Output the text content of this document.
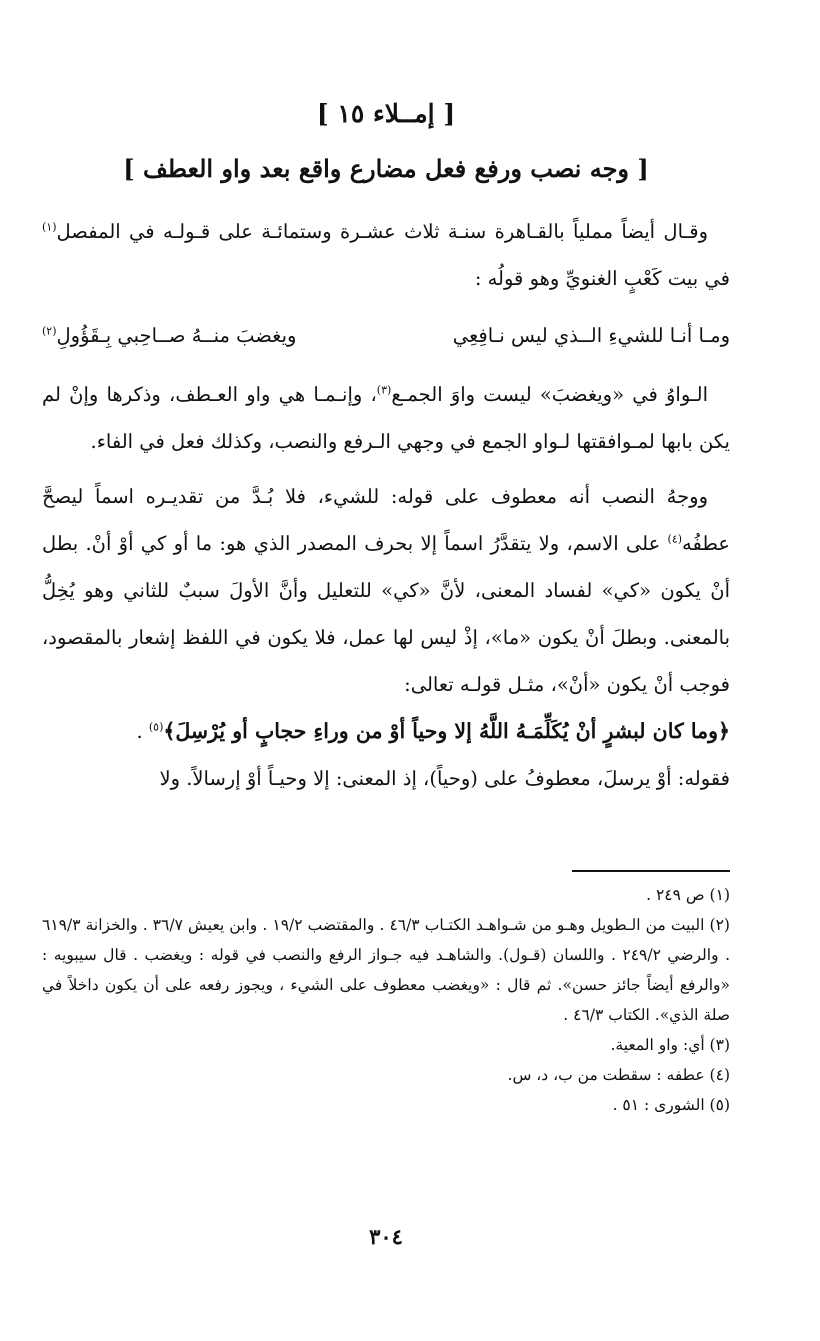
[ إمــلاء ١٥ ]
[ وجه نصب ورفع فعل مضارع واقع بعد واو العطف ]

وقـال أيضاً مملياً بالقـاهرة سنـة ثلاث عشـرة وستمائـة على قـولـه في المفصل$^{(١)}$ في بيت كَعْبٍ الغنويِّ وهو قولُه :

ومـا أنـا للشيءِ الــذي ليس نـافِعِي
ويغضبَ منــهُ صــاحِبي بِـقَؤُولِ$^{(٢)}$

الـواوُ في «ويغضبَ» ليست واوَ الجمـع$^{(٣)}$، وإنـمـا هي واو العـطف، وذكرها وإنْ لم يكن بابها لمـوافقتها لـواو الجمع في وجهي الـرفع والنصب، وكذلك فعل في الفاء.

ووجهُ النصب أنه معطوف على قوله: للشيء، فلا بُـدَّ من تقديـره اسماً ليصحَّ عطفُه$^{(٤)}$ على الاسم، ولا يتقدَّرُ اسماً إلا بحرف المصدر الذي هو: ما أو كي أوْ أنْ. بطل أنْ يكون «كي» لفساد المعنى، لأنَّ «كي» للتعليل وأنَّ الأولَ سببٌ للثاني وهو يُخِلُّ بالمعنى. وبطلَ أنْ يكون «ما»، إذْ ليس لها عمل، فلا يكون في اللفظ إشعار بالمقصود، فوجب أنْ يكون «أنْ»، مثـل قولـه تعالى:

﴿وما كان لبشرٍ أنْ يُكَلِّمَـهُ اللَّهُ إلا وحياً أوْ من وراءِ حجابٍ أو يُرْسِلَ﴾$^{(٥)}$ .

فقوله: أوْ يرسلَ، معطوفُ على (وحياً)، إذ المعنى: إلا وحيـاً أوْ إرسالاً. ولا

(١) ص ٢٤٩ .

(٢) البيت من الـطويل وهـو من شـواهـد الكتـاب ٤٦/٣ . والمقتضب ١٩/٢ . وابن يعيش ٣٦/٧ . والخزانة ٦١٩/٣ . والرضي ٢٤٩/٢ . واللسان (قـول). والشاهـد فيه جـواز الرفع والنصب في قوله : ويغضب . قال سيبويه : «والرفع أيضاً جائز حسن». ثم قال : «ويغضب معطوف على الشيء ، ويجوز رفعه على أن يكون داخلاً في صلة الذي». الكتاب ٤٦/٣ .

(٣) أي: واو المعية.

(٤) عطفه : سقطت من ب، د، س.

(٥) الشورى : ٥١ .

٣٠٤
